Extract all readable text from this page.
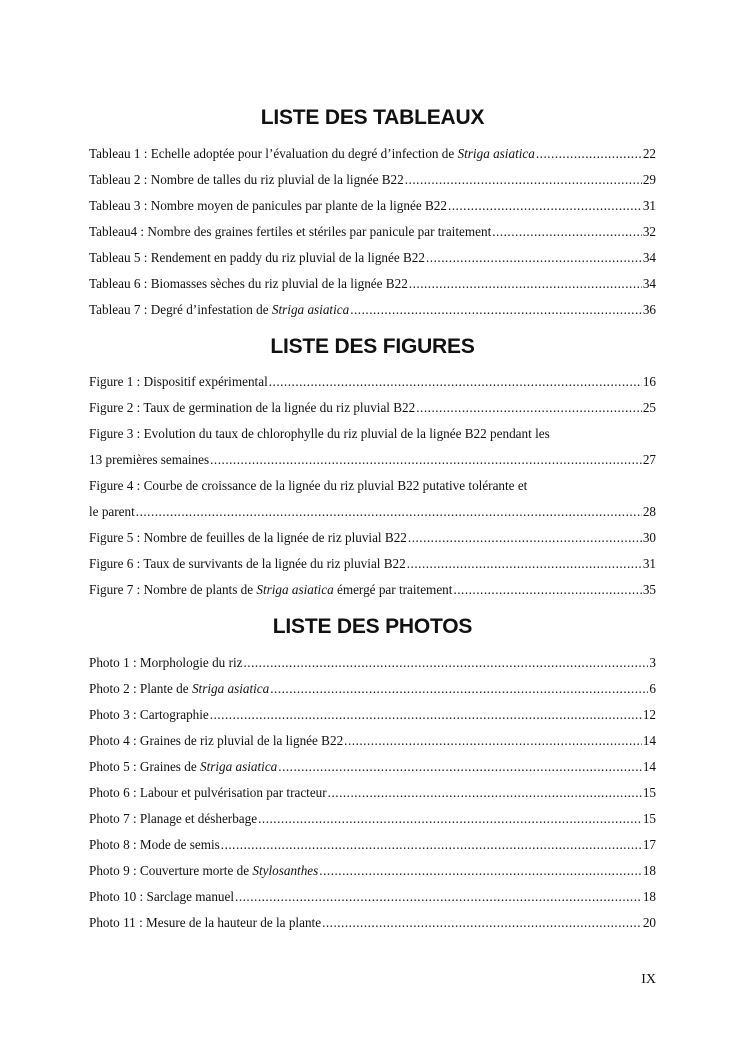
LISTE DES TABLEAUX
Tableau 1 : Echelle adoptée pour l’évaluation du degré d’infection de Striga asiatica .....	22
Tableau 2 : Nombre de talles du riz pluvial de la lignée B22 .....	29
Tableau 3 : Nombre moyen de panicules par plante de la lignée B22 .....	31
Tableau4 : Nombre des graines fertiles et stériles par panicule par traitement .....	32
Tableau 5 : Rendement en paddy du riz pluvial de la lignée B22 .....	34
Tableau 6 : Biomasses sèches du riz pluvial de la lignée B22 .....	34
Tableau 7 : Degré d’infestation de Striga asiatica .....	36
LISTE DES FIGURES
Figure 1 : Dispositif expérimental .....	16
Figure 2 : Taux de germination de la lignée du riz pluvial B22 .....	25
Figure 3 : Evolution du taux de chlorophylle du riz pluvial de la lignée B22 pendant les
13 premières semaines .....	27
Figure 4 : Courbe de croissance de la lignée du riz pluvial B22 putative tolérante et
le parent .....	28
Figure 5 : Nombre de feuilles de la lignée de riz pluvial B22 .....	30
Figure 6 : Taux de survivants de la lignée du riz pluvial B22 .....	31
Figure 7 : Nombre de plants de Striga asiatica émergé par traitement .....	35
LISTE DES PHOTOS
Photo 1 : Morphologie du riz .....	3
Photo 2 : Plante de Striga asiatica .....	6
Photo 3 : Cartographie .....	12
Photo 4 : Graines de riz pluvial de la lignée B22 .....	14
Photo 5 : Graines de Striga asiatica .....	14
Photo 6 : Labour et pulvérisation par tracteur .....	15
Photo 7 : Planage et désherbage .....	15
Photo 8 : Mode de semis .....	17
Photo 9 : Couverture morte de Stylosanthes .....	18
Photo 10 : Sarclage manuel .....	18
Photo 11 : Mesure de la hauteur de la plante .....	20
IX
